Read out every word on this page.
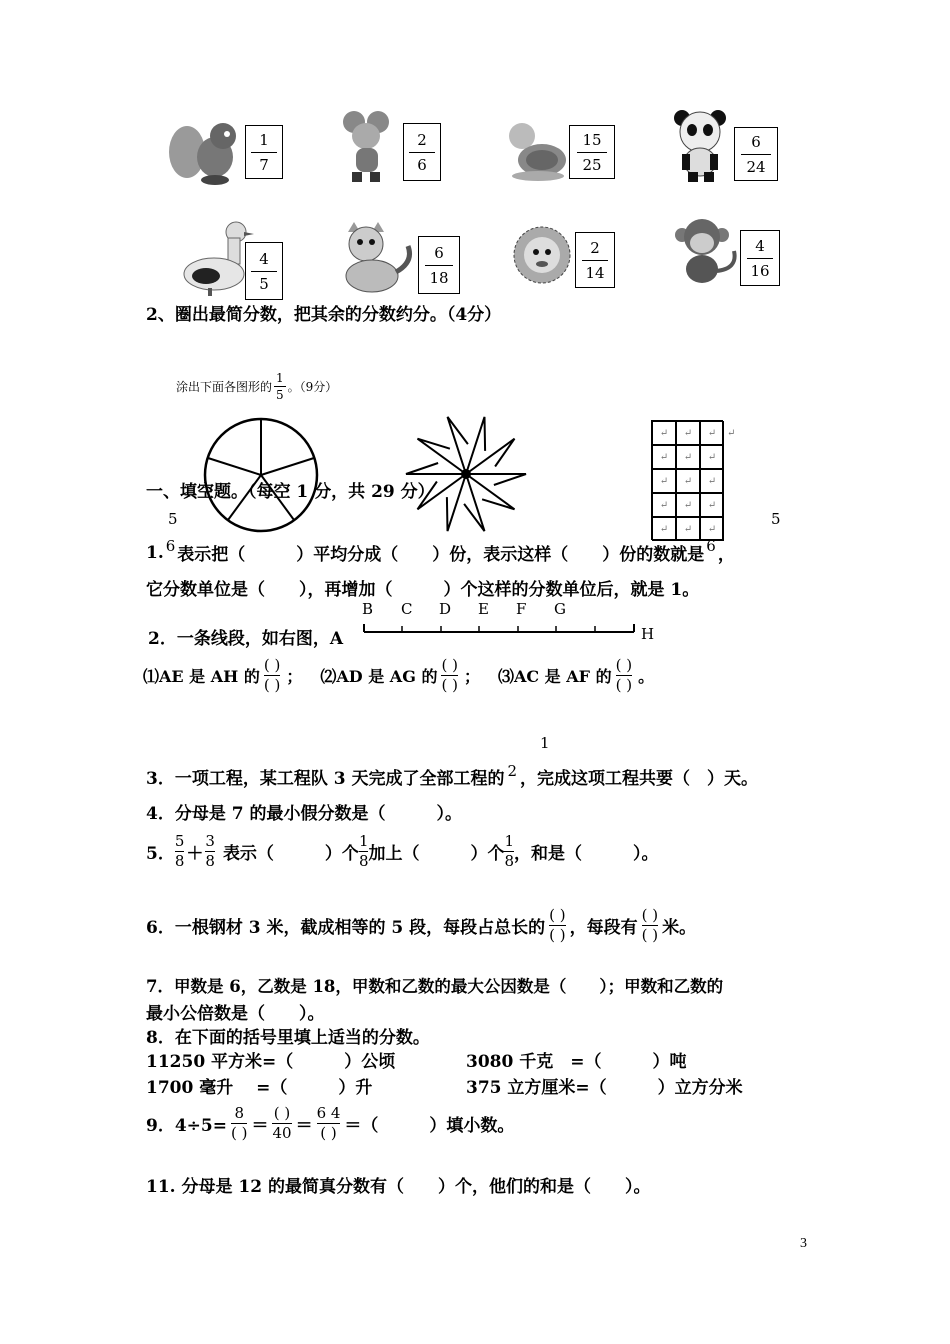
1
7
2
6
15
25
6
24
4
5
6
18
2
14
4
16
2、圈出最简分数，把其余的分数约分。（4分）
涂出下面各图形的 $\frac{1}{5}$ 。（9分）
↵	↵	↵
↵	↵	↵
↵	↵	↵
↵	↵	↵
↵	↵	↵
↵
一、填空题。（每空 1 分，共 29 分）
5
1. 6 表示把（　　　）平均分成（　　）份，表示这样（　　）份的数就是 6 ，
5
它分数单位是（　　），再增加（　　　）个这样的分数单位后，就是 1。
2．一条线段，如右图，A
B C D E F G
H
⑴AE 是 AH 的 $\frac{( )}{( )}$ ； ⑵AD 是 AG 的 $\frac{( )}{( )}$ ； ⑶AC 是 AF 的 $\frac{( )}{( )}$ 。
1
3．一项工程，某工程队 3 天完成了全部工程的 2 ，完成这项工程共要（　）天。
4．分母是 7 的最小假分数是（　　　）。
5． $\frac{5}{8} + \frac{3}{8}$ 表示（　　　）个 $\frac{1}{8}$ 加上（　　　）个 $\frac{1}{8}$ ，和是（　　　）。
6．一根钢材 3 米，截成相等的 5 段，每段占总长的 $\frac{( )}{( )}$ ，每段有 $\frac{( )}{( )}$ 米。
7．甲数是 6，乙数是 18，甲数和乙数的最大公因数是（　　）；甲数和乙数的
最小公倍数是（　　）。
8．在下面的括号里填上适当的分数。
11250 平方米=（　　　）公顷	3080 千克　=（　　　）吨
1700 毫升　 =（　　　）升	375 立方厘米=（　　　）立方分米
9．$4\div 5= \frac{8}{( )} = \frac{( )}{40} = \frac{6 4}{( )}$ ＝（　　　）填小数。
11. 分母是 12 的最简真分数有（　　）个，他们的和是（　　）。
3
